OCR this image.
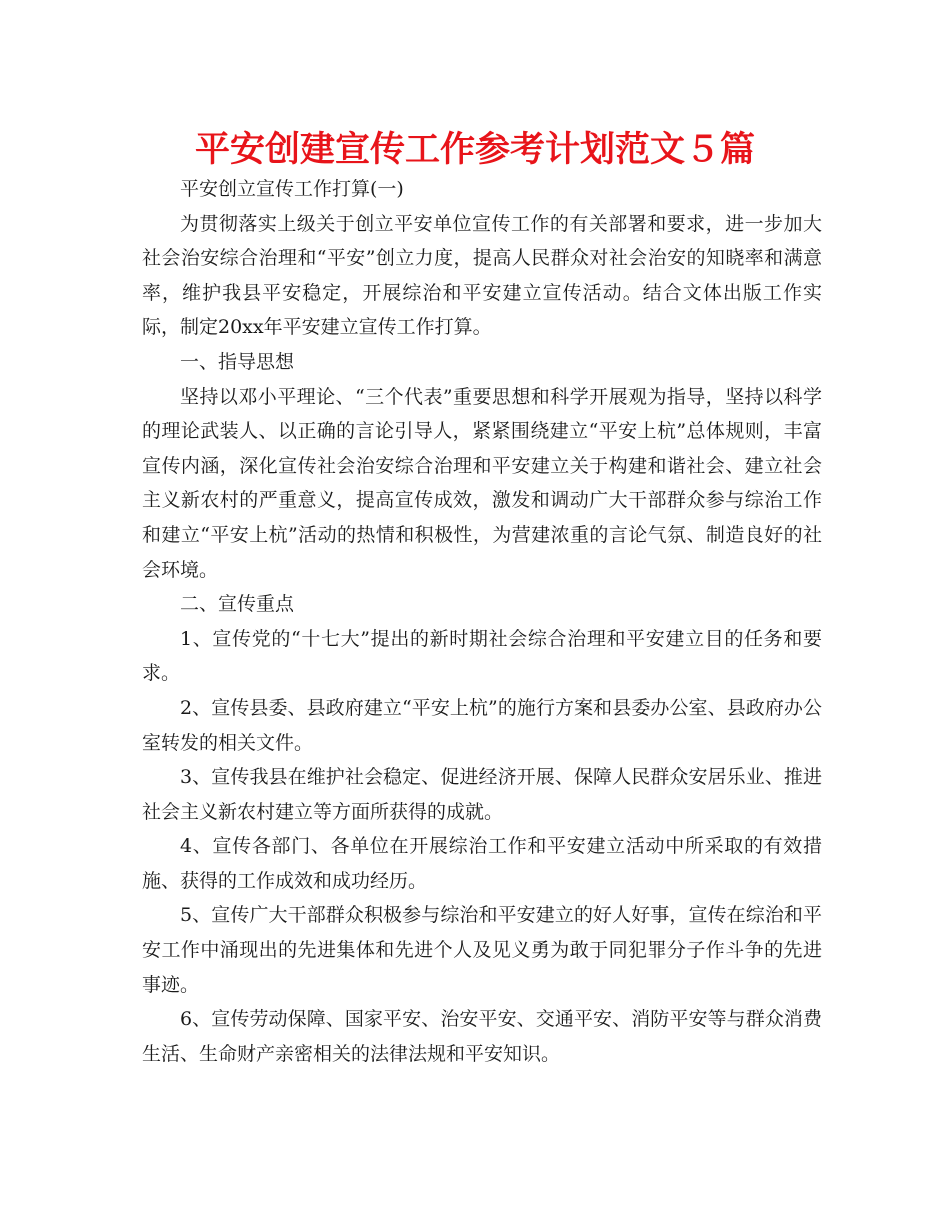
平安创建宣传工作参考计划范文５篇

平安创立宣传工作打算(一)

为贯彻落实上级关于创立平安单位宣传工作的有关部署和要求，进一步加大社会治安综合治理和“平安”创立力度，提高人民群众对社会治安的知晓率和满意率，维护我县平安稳定，开展综治和平安建立宣传活动。结合文体出版工作实际，制定20xx年平安建立宣传工作打算。

一、指导思想

坚持以邓小平理论、“三个代表”重要思想和科学开展观为指导，坚持以科学的理论武装人、以正确的言论引导人，紧紧围绕建立“平安上杭”总体规则，丰富宣传内涵，深化宣传社会治安综合治理和平安建立关于构建和谐社会、建立社会主义新农村的严重意义，提高宣传成效，激发和调动广大干部群众参与综治工作和建立“平安上杭”活动的热情和积极性，为营建浓重的言论气氛、制造良好的社会环境。

二、宣传重点

1、宣传党的“十七大”提出的新时期社会综合治理和平安建立目的任务和要求。

2、宣传县委、县政府建立“平安上杭”的施行方案和县委办公室、县政府办公室转发的相关文件。

3、宣传我县在维护社会稳定、促进经济开展、保障人民群众安居乐业、推进社会主义新农村建立等方面所获得的成就。

4、宣传各部门、各单位在开展综治工作和平安建立活动中所采取的有效措施、获得的工作成效和成功经历。

5、宣传广大干部群众积极参与综治和平安建立的好人好事，宣传在综治和平安工作中涌现出的先进集体和先进个人及见义勇为敢于同犯罪分子作斗争的先进事迹。

6、宣传劳动保障、国家平安、治安平安、交通平安、消防平安等与群众消费生活、生命财产亲密相关的法律法规和平安知识。
